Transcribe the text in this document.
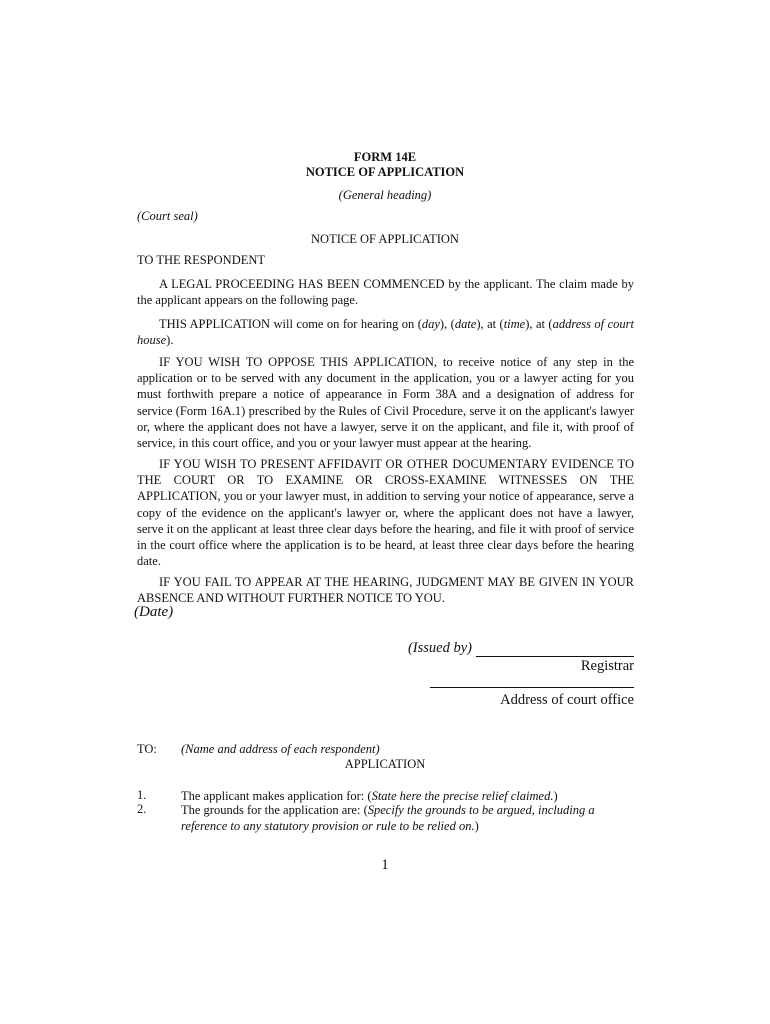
FORM 14E
NOTICE OF APPLICATION
(General heading)
(Court seal)
NOTICE OF APPLICATION
TO THE RESPONDENT
A LEGAL PROCEEDING HAS BEEN COMMENCED by the applicant. The claim made by the applicant appears on the following page.
THIS APPLICATION will come on for hearing on (day), (date), at (time), at (address of court house).
IF YOU WISH TO OPPOSE THIS APPLICATION, to receive notice of any step in the application or to be served with any document in the application, you or a lawyer acting for you must forthwith prepare a notice of appearance in Form 38A and a designation of address for service (Form 16A.1) prescribed by the Rules of Civil Procedure, serve it on the applicant's lawyer or, where the applicant does not have a lawyer, serve it on the applicant, and file it, with proof of service, in this court office, and you or your lawyer must appear at the hearing.
IF YOU WISH TO PRESENT AFFIDAVIT OR OTHER DOCUMENTARY EVIDENCE TO THE COURT OR TO EXAMINE OR CROSS-EXAMINE WITNESSES ON THE APPLICATION, you or your lawyer must, in addition to serving your notice of appearance, serve a copy of the evidence on the applicant's lawyer or, where the applicant does not have a lawyer, serve it on the applicant at least three clear days before the hearing, and file it with proof of service in the court office where the application is to be heard, at least three clear days before the hearing date.
IF YOU FAIL TO APPEAR AT THE HEARING, JUDGMENT MAY BE GIVEN IN YOUR ABSENCE AND WITHOUT FURTHER NOTICE TO YOU.
(Date)
(Issued by)
Registrar
Address of court office
TO: (Name and address of each respondent)
APPLICATION
1.	The applicant makes application for: (State here the precise relief claimed.)
2.	The grounds for the application are: (Specify the grounds to be argued, including a reference to any statutory provision or rule to be relied on.)
1
